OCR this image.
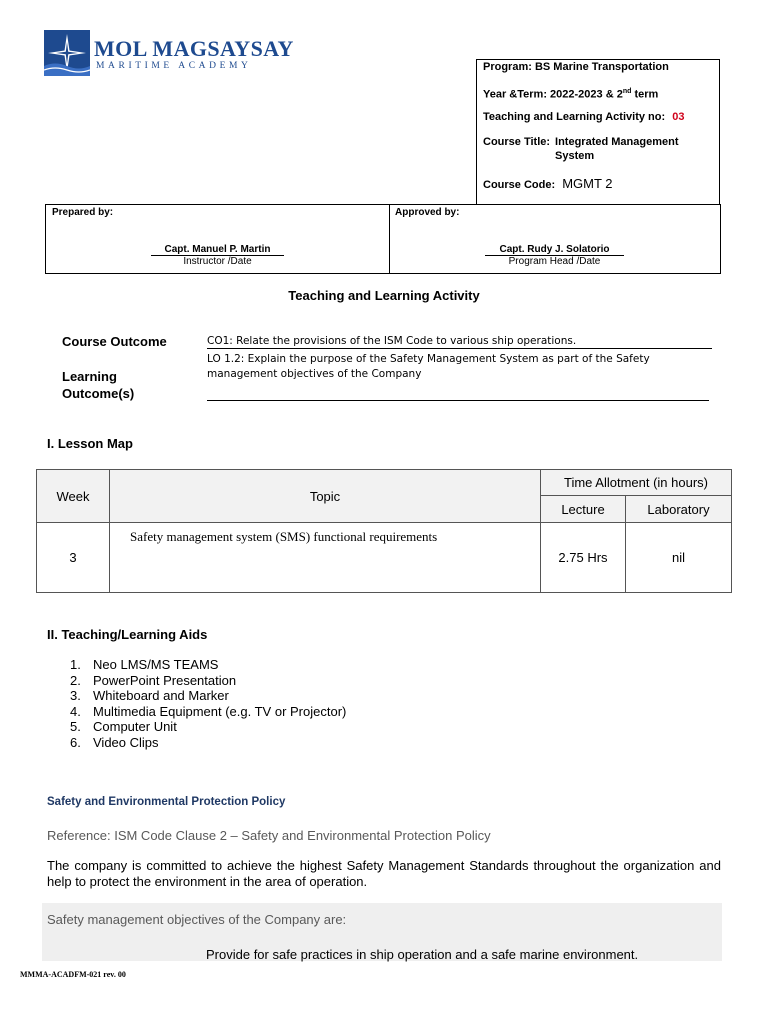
MOL MAGSAYSAY
MARITIME ACADEMY	Program: BS Marine Transportation
Year &Term: 2022-2023 & 2nd term
Teaching and Learning Activity no: 03
Course Title: Integrated Management System
Course Code: MGMT 2
Prepared by:
Capt. Manuel P. Martin
Instructor /Date
Approved by:
Capt. Rudy J. Solatorio
Program Head /Date
Teaching and Learning Activity
Course Outcome	CO1: Relate the provisions of the ISM Code to various ship operations.
Learning
Outcome(s)
LO 1.2: Explain the purpose of the Safety Management System as part of the Safety management objectives of the Company
I. Lesson Map
Week	Topic	Time Allotment (in hours)	
		Lecture	Laboratory
3	Safety management system (SMS) functional requirements	2.75 Hrs	nil
II. Teaching/Learning Aids
1. Neo LMS/MS TEAMS
2. PowerPoint Presentation
3. Whiteboard and Marker
4. Multimedia Equipment (e.g. TV or Projector)
5. Computer Unit
6. Video Clips
Safety and Environmental Protection Policy
Reference: ISM Code Clause 2 – Safety and Environmental Protection Policy
The company is committed to achieve the highest Safety Management Standards throughout the organization and help to protect the environment in the area of operation.
Safety management objectives of the Company are:
Provide for safe practices in ship operation and a safe marine environment.
MMMA-ACADFM-021 rev. 00
